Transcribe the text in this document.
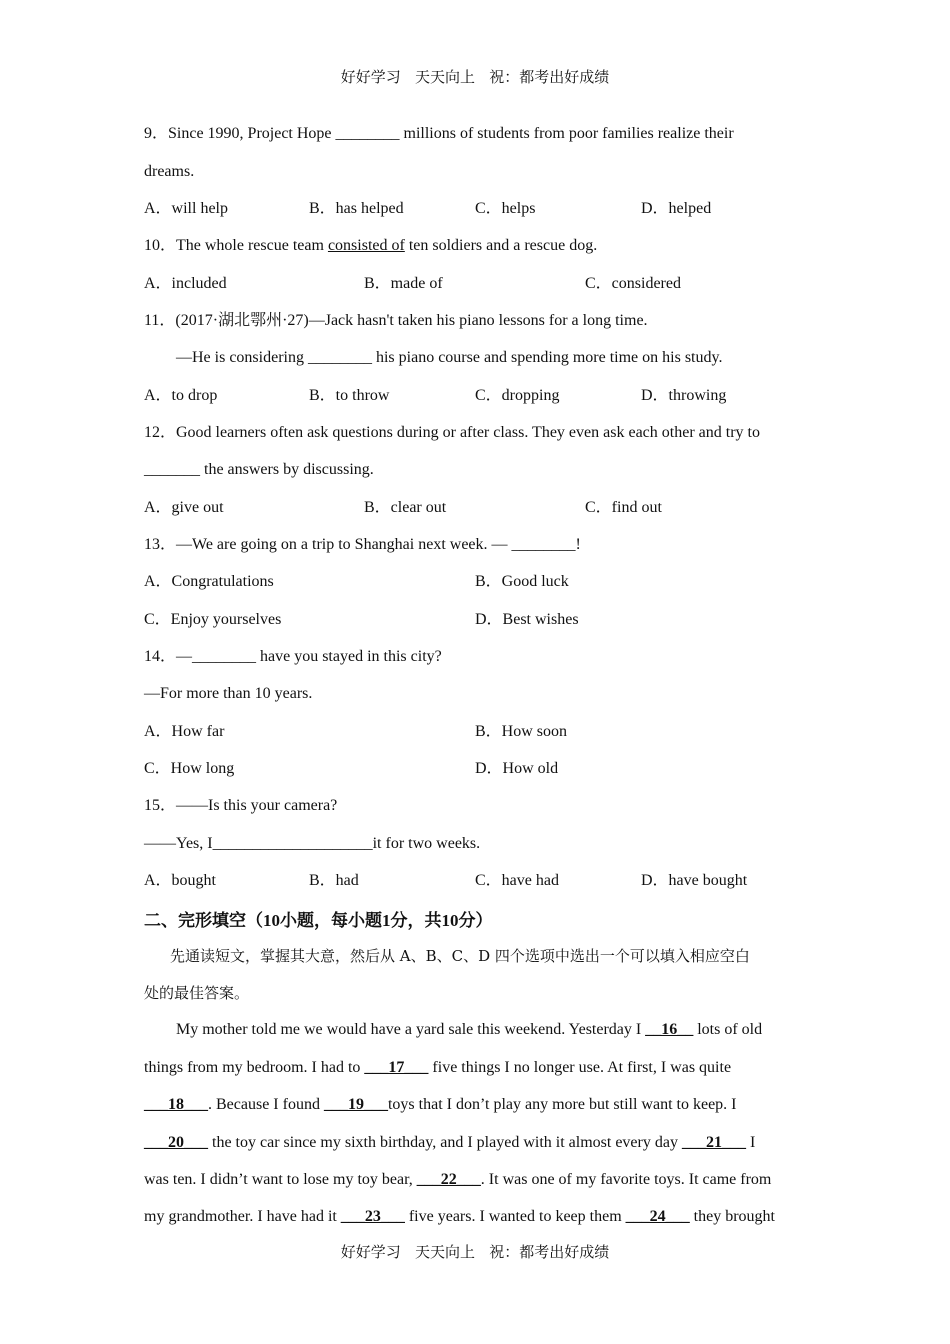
好好学习   天天向上   祝：都考出好成绩
9．Since 1990, Project Hope ________ millions of students from poor families realize their
dreams.
A．will help	B．has helped	C．helps	D．helped
10．The whole rescue team consisted of ten soldiers and a rescue dog.
A．included	B．made of	C．considered
11．(2017·湖北鄂州·27)—Jack hasn't taken his piano lessons for a long time.
—He is considering ________ his piano course and spending more time on his study.
A．to drop	B．to throw	C．dropping	D．throwing
12．Good learners often ask questions during or after class. They even ask each other and try to
_______ the answers by discussing.
A．give out	B．clear out	C．find out
13．—We are going on a trip to Shanghai next week. — ________!
A．Congratulations	B．Good luck
C．Enjoy yourselves	D．Best wishes
14．—________ have you stayed in this city?
—For more than 10 years.
A．How far	B．How soon
C．How long	D．How old
15．——Is this your camera?
——Yes, I____________________it for two weeks.
A．bought	B．had	C．have had	D．have bought
二、完形填空（10小题，每小题1分，共10分）
先通读短文，掌握其大意，然后从 A、B、C、D 四个选项中选出一个可以填入相应空白
处的最佳答案。
My mother told me we would have a yard sale this weekend. Yesterday I __16__ lots of old
things from my bedroom. I had to ___17___ five things I no longer use. At first, I was quite
___18___. Because I found ___19___toys that I don’t play any more but still want to keep. I
___20___ the toy car since my sixth birthday, and I played with it almost every day ___21___ I
was ten. I didn’t want to lose my toy bear, ___22___. It was one of my favorite toys. It came from
my grandmother. I have had it ___23___ five years. I wanted to keep them ___24___ they brought
好好学习   天天向上   祝：都考出好成绩
